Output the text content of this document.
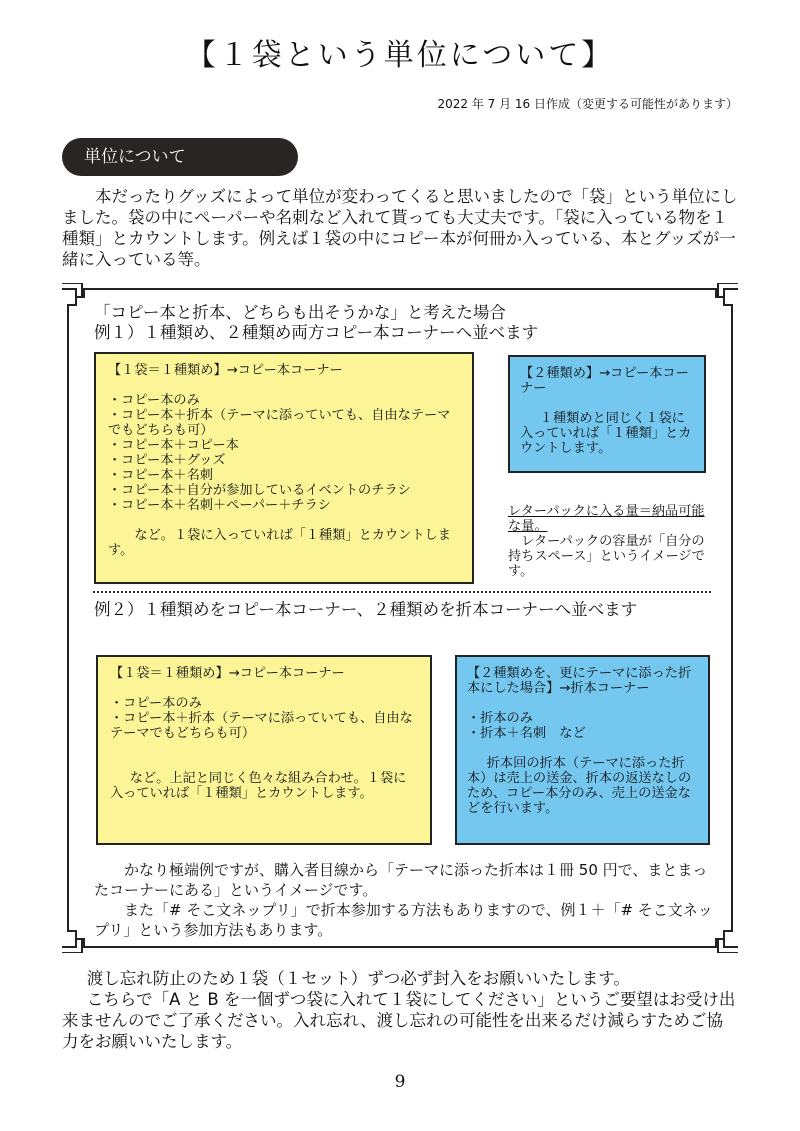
【１袋という単位について】
2022 年 7 月 16 日作成（変更する可能性があります）
単位について
本だったりグッズによって単位が変わってくると思いましたので「袋」という単位にしました。袋の中にペーパーや名刺など入れて貰っても大丈夫です。「袋に入っている物を１種類」とカウントします。例えば１袋の中にコピー本が何冊か入っている、本とグッズが一緒に入っている等。

「コピー本と折本、どちらも出そうかな」と考えた場合

例１）１種類め、２種類め両方コピー本コーナーへ並べます

【１袋＝１種類め】→コピー本コーナー

・コピー本のみ

・コピー本＋折本（テーマに添っていても、自由なテーマでもどちらも可）

・コピー本＋コピー本

・コピー本＋グッズ

・コピー本＋名刺

・コピー本＋自分が参加しているイベントのチラシ

・コピー本＋名刺＋ペーパー＋チラシ

など。１袋に入っていれば「１種類」とカウントします。

【２種類め】→コピー本コーナー

１種類めと同じく１袋に入っていれば「１種類」とカウントします。

レターパックに入る量＝納品可能な量。

レターパックの容量が「自分の持ちスペース」というイメージです。

例２）１種類めをコピー本コーナー、２種類めを折本コーナーへ並べます

【１袋＝１種類め】→コピー本コーナー

・コピー本のみ

・コピー本＋折本（テーマに添っていても、自由なテーマでもどちらも可）

など。上記と同じく色々な組み合わせ。１袋に入っていれば「１種類」とカウントします。

【２種類めを、更にテーマに添った折本にした場合】→折本コーナー

・折本のみ

・折本＋名刺　など

折本回の折本（テーマに添った折本）は売上の送金、折本の返送なしのため、コピー本分のみ、売上の送金などを行います。

かなり極端例ですが、購入者目線から「テーマに添った折本は１冊 50 円で、まとまったコーナーにある」というイメージです。

また「# そこ文ネップリ」で折本参加する方法もありますので、例１＋「# そこ文ネップリ」という参加方法もあります。

渡し忘れ防止のため１袋（１セット）ずつ必ず封入をお願いいたします。

こちらで「A と B を一個ずつ袋に入れて１袋にしてください」というご要望はお受け出来ませんのでご了承ください。入れ忘れ、渡し忘れの可能性を出来るだけ減らすためご協力をお願いいたします。

9
